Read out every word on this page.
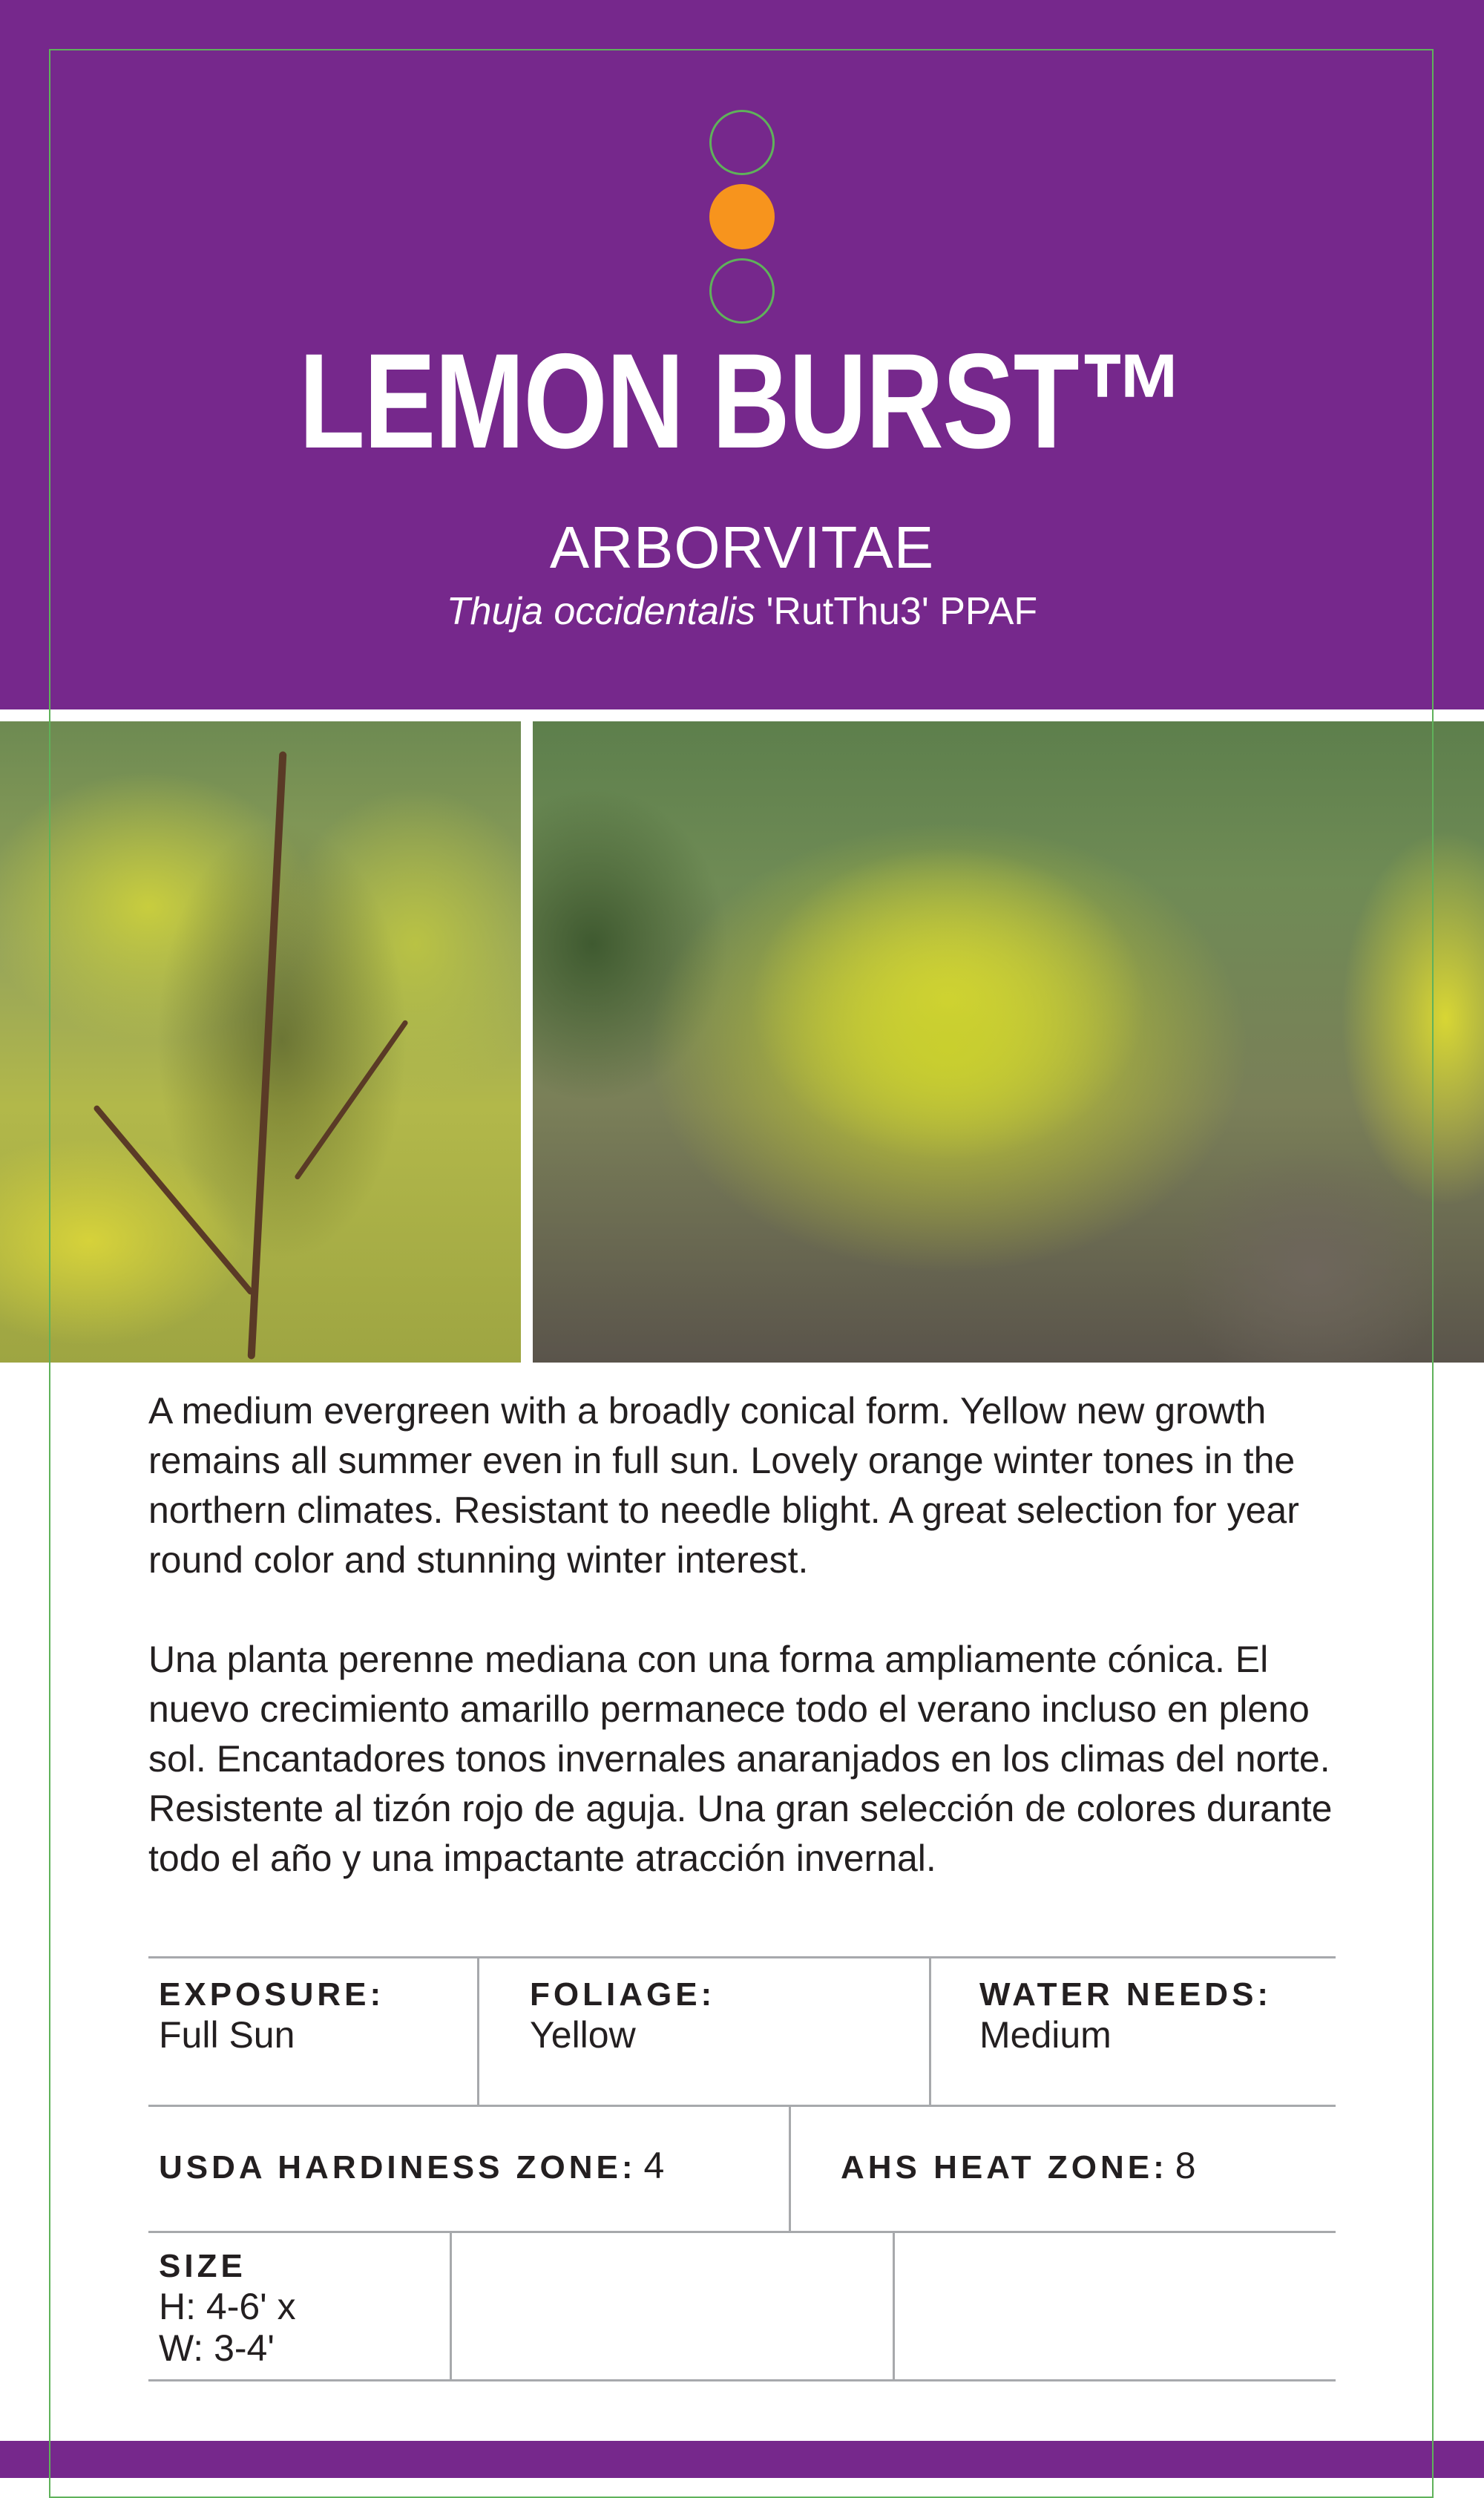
LEMON BURST™
ARBORVITAE
Thuja occidentalis 'RutThu3' PPAF
A medium evergreen with a broadly conical form. Yellow new growth remains all summer even in full sun. Lovely orange winter tones in the northern climates. Resistant to needle blight. A great selection for year round color and stunning winter interest.
Una planta perenne mediana con una forma ampliamente cónica. El nuevo crecimiento amarillo permanece todo el verano incluso en pleno sol. Encantadores tonos invernales anaranjados en los climas del norte. Resistente al tizón rojo de aguja. Una gran selección de colores durante todo el año y una impactante atracción invernal.
EXPOSURE:
Full Sun
FOLIAGE:
Yellow
WATER NEEDS:
Medium
USDA HARDINESS ZONE: 4	AHS HEAT ZONE: 8
SIZE
H: 4-6' x
W: 3-4'
